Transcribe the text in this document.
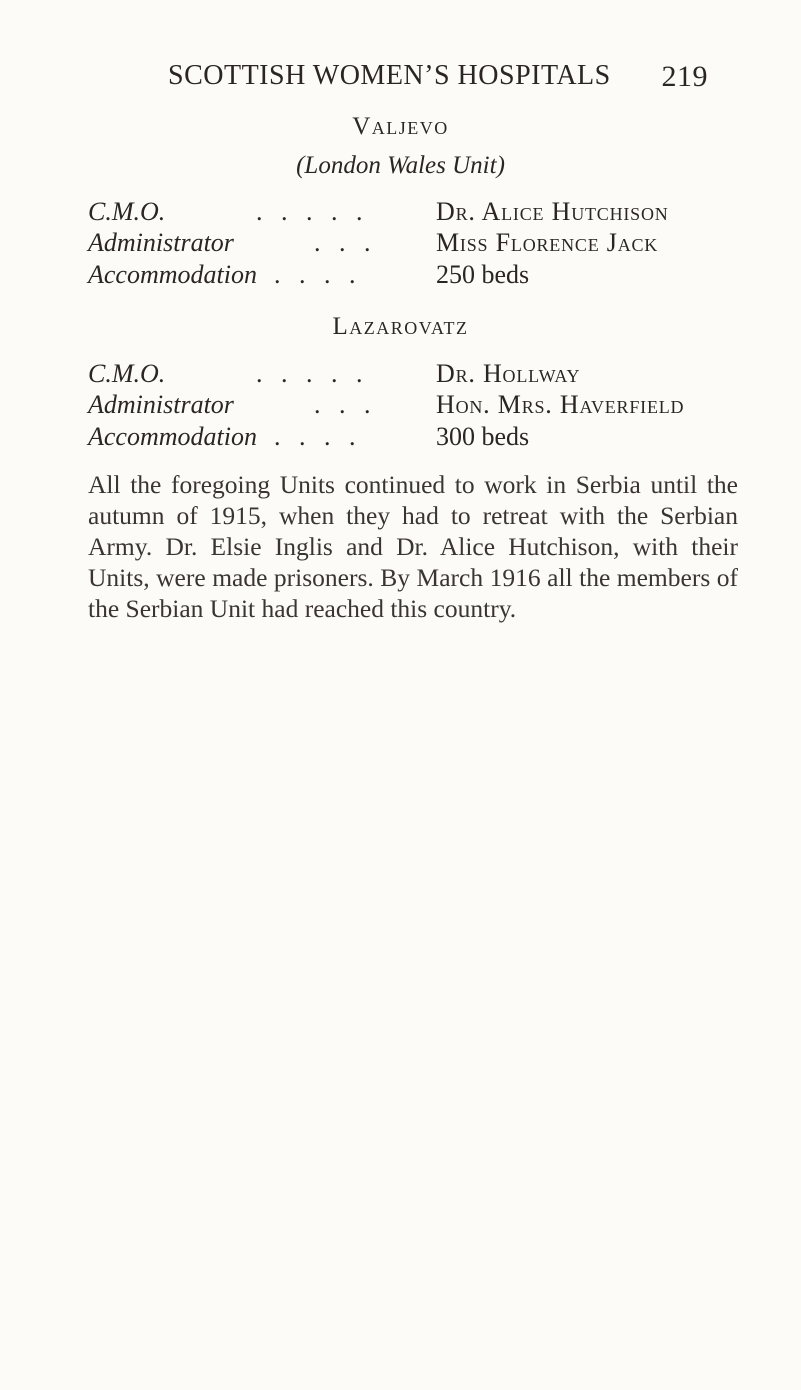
SCOTTISH WOMEN’S HOSPITALS 219
Valjevo
(London Wales Unit)
C.M.O.	. . . . .	Dr. Alice Hutchison
Administrator	. . .	Miss Florence Jack
Accommodation . . . .	250 beds
Lazarovatz
C.M.O.	. . . . .	Dr. Hollway
Administrator	. . .	Hon. Mrs. Haverfield
Accommodation . . . .	300 beds

All the foregoing Units continued to work in Serbia until the autumn of 1915, when they had to retreat with the Serbian Army. Dr. Elsie Inglis and Dr. Alice Hutchison, with their Units, were made prisoners. By March 1916 all the members of the Serbian Unit had reached this country.
